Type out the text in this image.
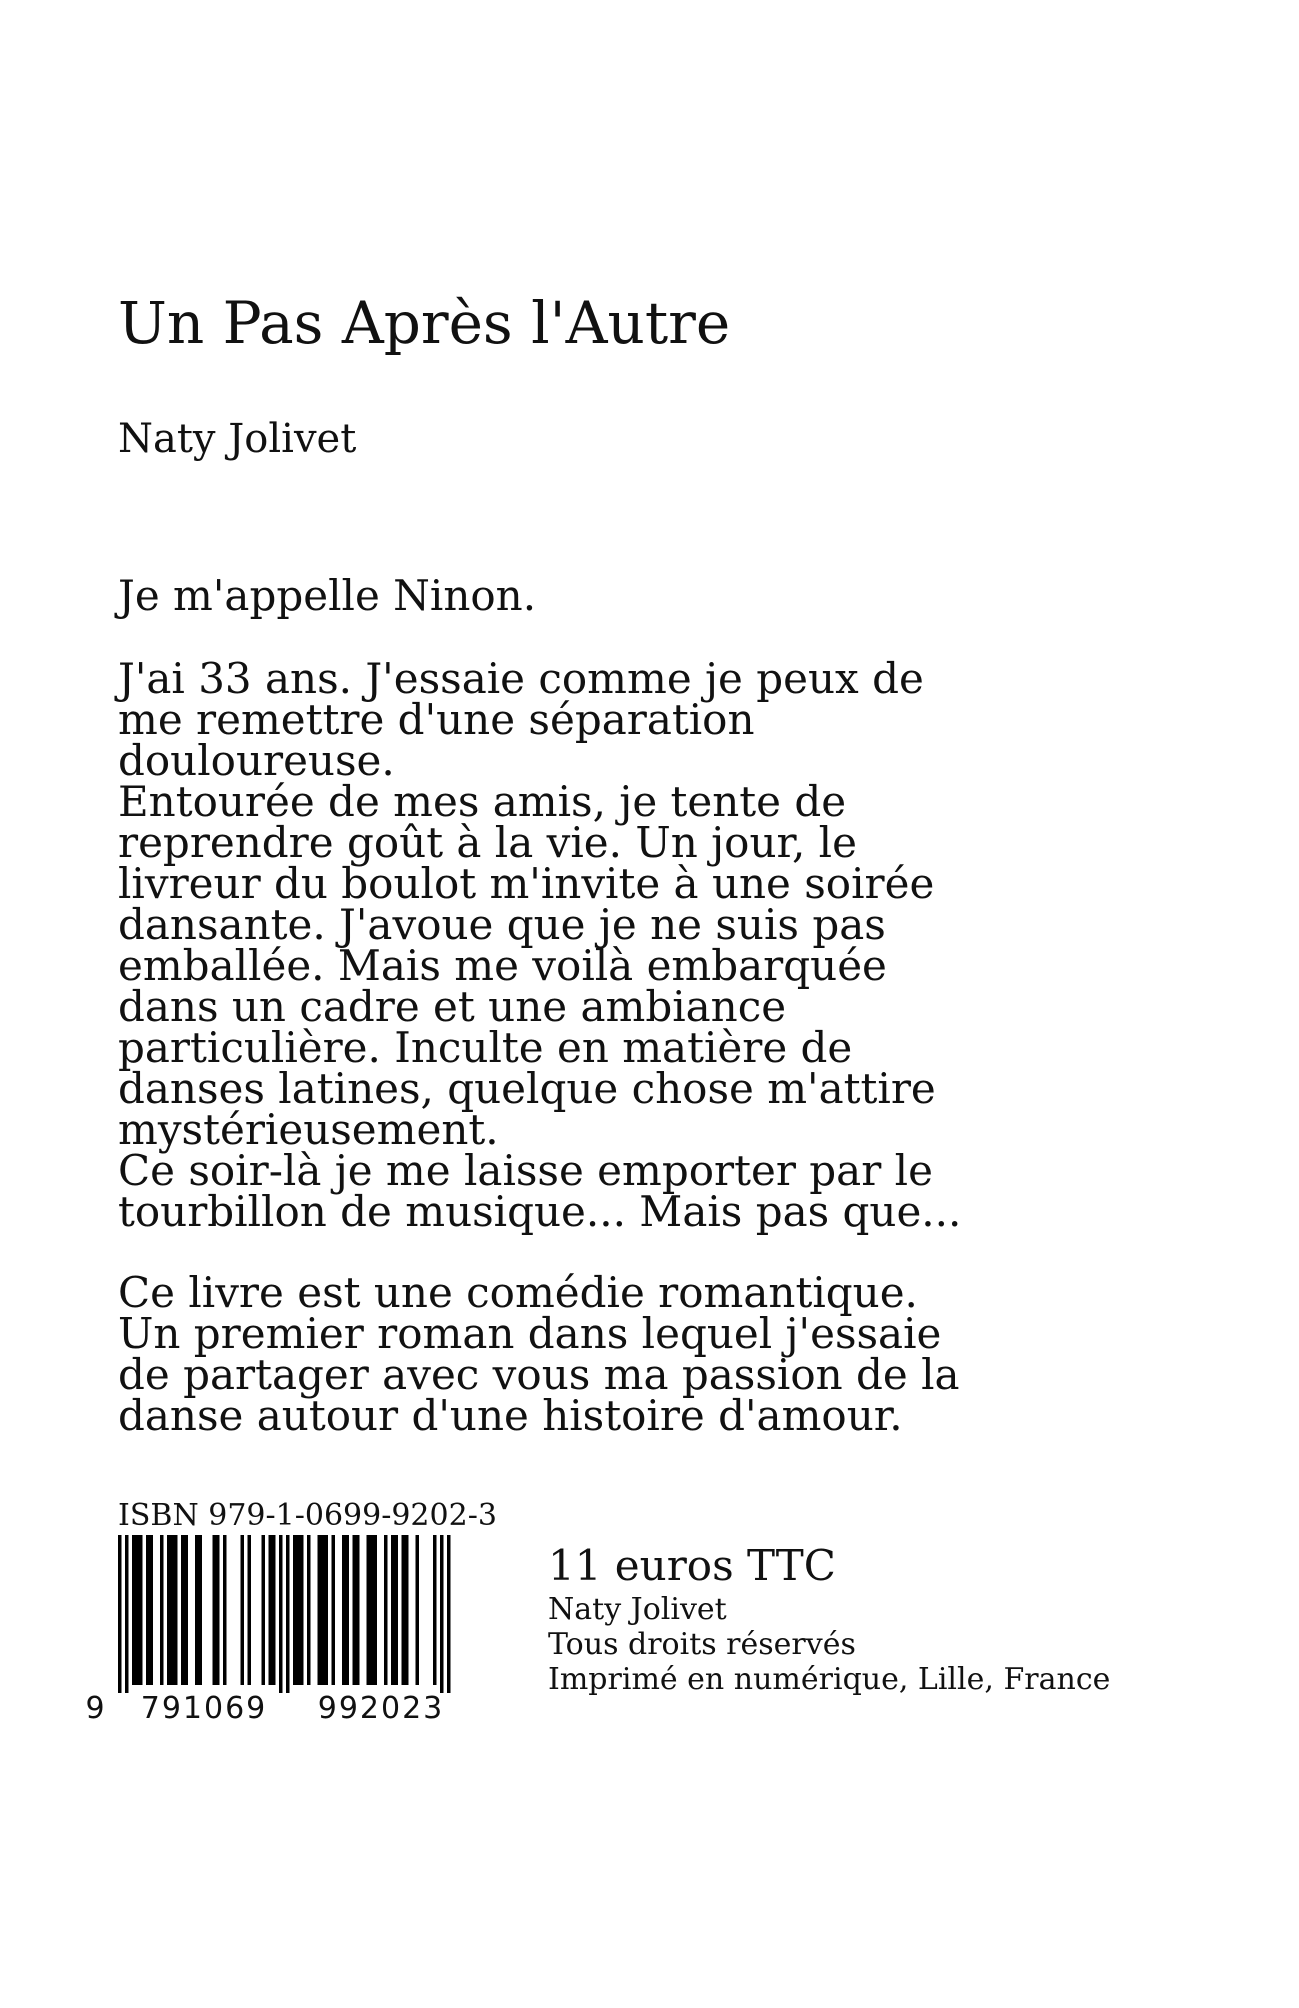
Un Pas Après l'Autre
Naty Jolivet

Je m'appelle Ninon.

J'ai 33 ans. J'essaie comme je peux de
me remettre d'une séparation
douloureuse.
Entourée de mes amis, je tente de
reprendre goût à la vie. Un jour, le
livreur du boulot m'invite à une soirée
dansante. J'avoue que je ne suis pas
emballée. Mais me voilà embarquée
dans un cadre et une ambiance
particulière. Inculte en matière de
danses latines, quelque chose m'attire
mystérieusement.
Ce soir-là je me laisse emporter par le
tourbillon de musique... Mais pas que...

Ce livre est une comédie romantique.
Un premier roman dans lequel j'essaie
de partager avec vous ma passion de la
danse autour d'une histoire d'amour.

ISBN 979-1-0699-9202-3
9	791069	992023
11 euros TTC
Naty Jolivet
Tous droits réservés
Imprimé en numérique, Lille, France
